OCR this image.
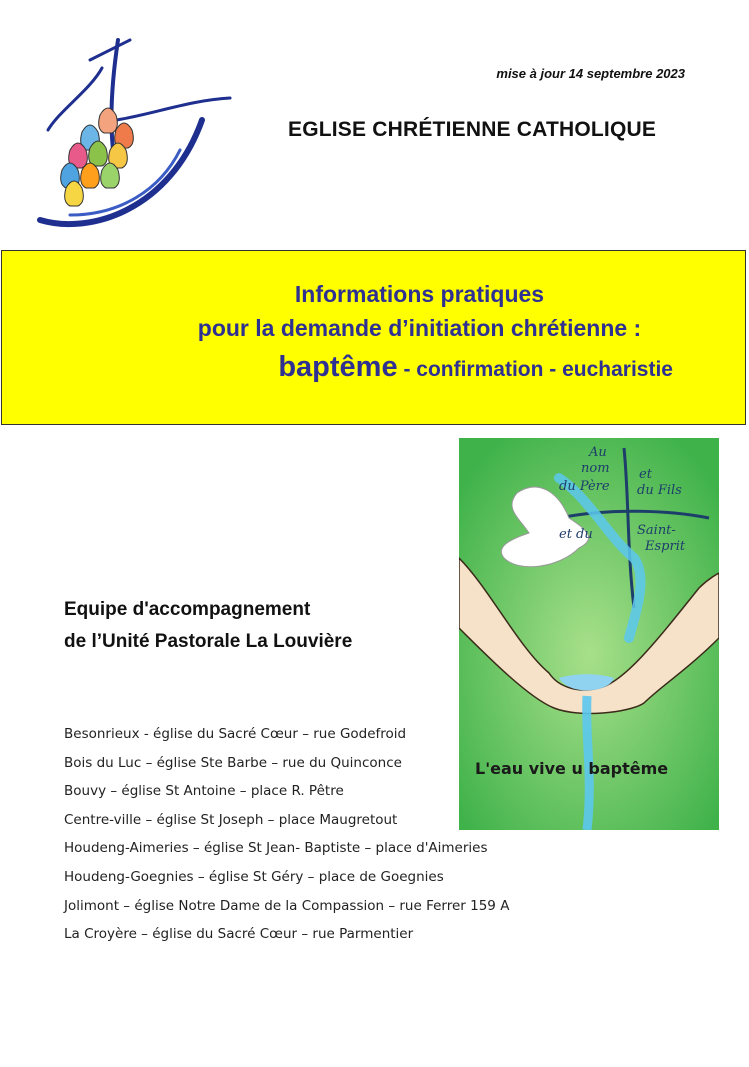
mise à jour 14 septembre 2023
EGLISE CHRÉTIENNE CATHOLIQUE
Informations pratiques
pour la demande d’initiation chrétienne :
baptême - confirmation - eucharistie
Au
nom
du Père
et
du Fils
et du	Saint-
Esprit
L'eau vive u baptême
Equipe d'accompagnement
de l’Unité Pastorale La Louvière
Besonrieux - église du Sacré Cœur – rue Godefroid
Bois du Luc – église Ste Barbe – rue du Quinconce
Bouvy – église St Antoine – place R. Pêtre
Centre-ville – église St Joseph – place Maugretout
Houdeng-Aimeries – église St Jean- Baptiste – place d'Aimeries
Houdeng-Goegnies – église St Géry – place de Goegnies
Jolimont – église Notre Dame de la Compassion – rue Ferrer 159 A
La Croyère – église du Sacré Cœur – rue Parmentier
